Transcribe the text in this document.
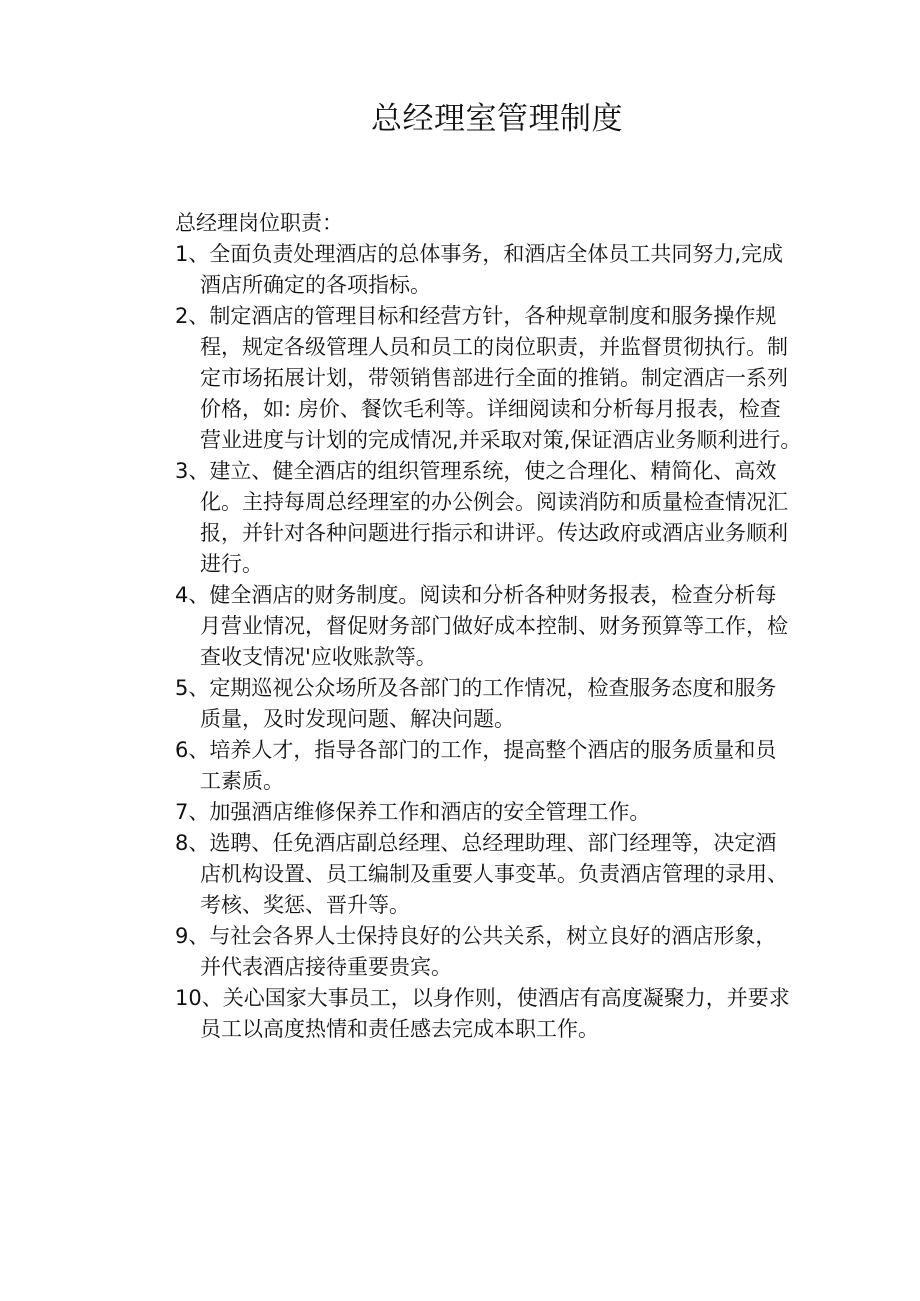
总经理室管理制度

总经理岗位职责：

1、全面负责处理酒店的总体事务，和酒店全体员工共同努力,完成
酒店所确定的各项指标。
2、制定酒店的管理目标和经营方针，各种规章制度和服务操作规
程，规定各级管理人员和员工的岗位职责，并监督贯彻执行。制
定市场拓展计划，带领销售部进行全面的推销。制定酒店一系列
价格，如: 房价、餐饮毛利等。详细阅读和分析每月报表，检查
营业进度与计划的完成情况,并采取对策,保证酒店业务顺利进行。
3、建立、健全酒店的组织管理系统，使之合理化、精简化、高效
化。主持每周总经理室的办公例会。阅读消防和质量检查情况汇
报，并针对各种问题进行指示和讲评。传达政府或酒店业务顺利
进行。
4、健全酒店的财务制度。阅读和分析各种财务报表，检查分析每
月营业情况，督促财务部门做好成本控制、财务预算等工作，检
查收支情况'应收账款等。
5、定期巡视公众场所及各部门的工作情况，检查服务态度和服务
质量，及时发现问题、解决问题。
6、培养人才，指导各部门的工作，提高整个酒店的服务质量和员
工素质。
7、加强酒店维修保养工作和酒店的安全管理工作。
8、选聘、任免酒店副总经理、总经理助理、部门经理等，决定酒
店机构设置、员工编制及重要人事变革。负责酒店管理的录用、
考核、奖惩、晋升等。
9、与社会各界人士保持良好的公共关系，树立良好的酒店形象，
并代表酒店接待重要贵宾。
10、关心国家大事员工，以身作则，使酒店有高度凝聚力，并要求
员工以高度热情和责任感去完成本职工作。
